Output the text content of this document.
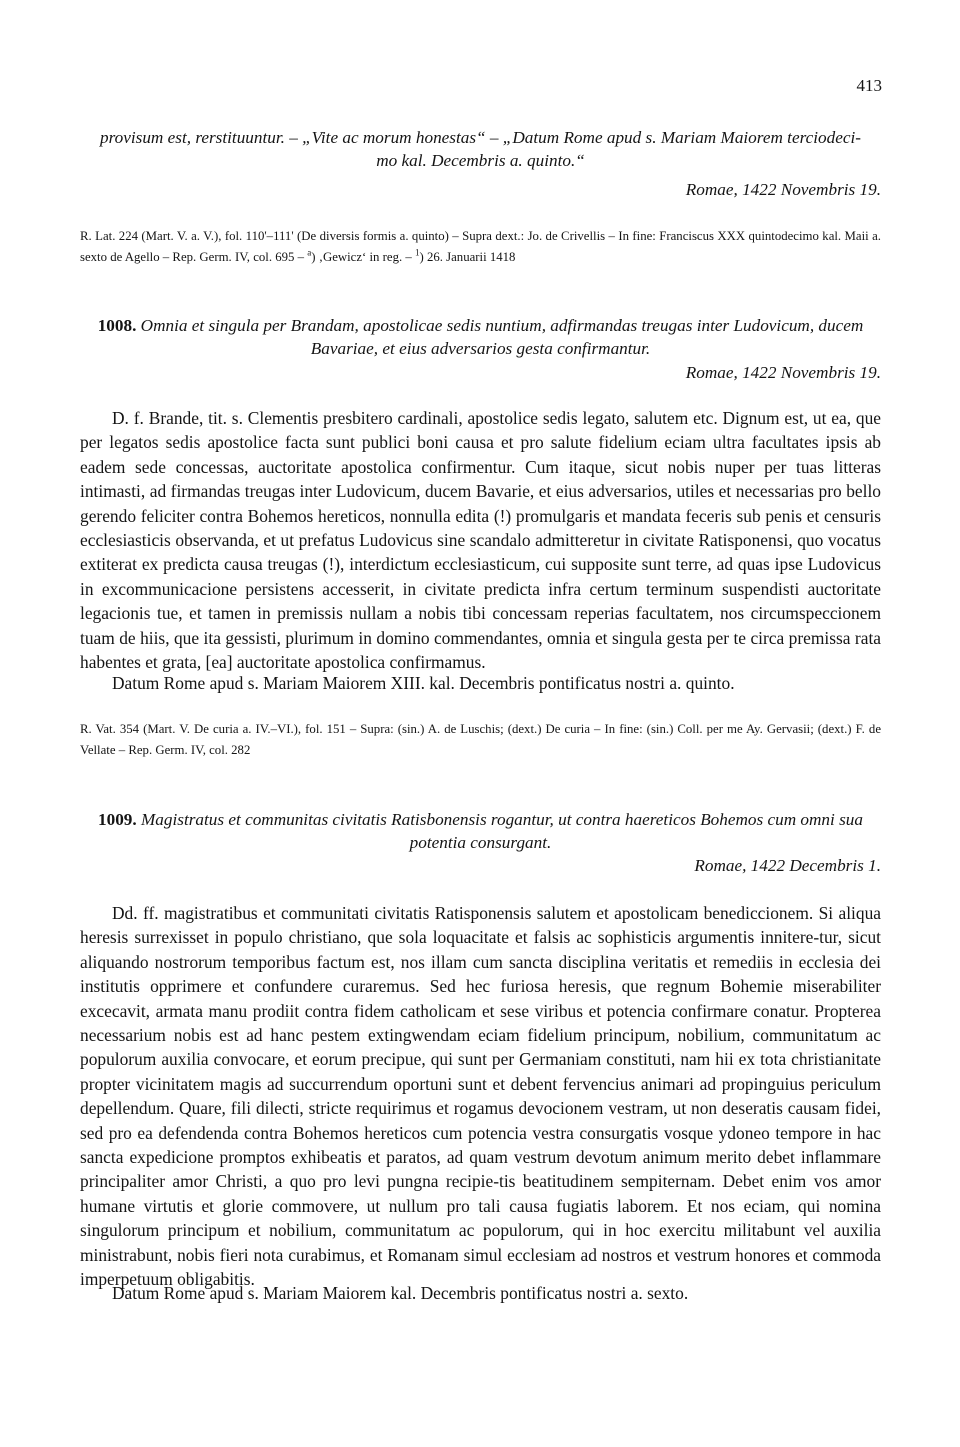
413
provisum est, rerstituuntur. – „Vite ac morum honestas“ – „Datum Rome apud s. Mariam Maiorem terciodeci-
mo kal. Decembris a. quinto.“
Romae, 1422 Novembris 19.
R. Lat. 224 (Mart. V. a. V.), fol. 110'–111' (De diversis formis a. quinto) – Supra dext.: Jo. de Crivellis – In fine: Franciscus XXX quintodecimo kal. Maii a. sexto de Agello – Rep. Germ. IV, col. 695 – $^a$) ‚Gewicz‘ in reg. – $^1$) 26. Januarii 1418
1008. Omnia et singula per Brandam, apostolicae sedis nuntium, adfirmandas treugas inter Ludovicum, ducem Bavariae, et eius adversarios gesta confirmantur.
Romae, 1422 Novembris 19.

D. f. Brande, tit. s. Clementis presbitero cardinali, apostolice sedis legato, salutem etc. Dignum est, ut ea, que per legatos sedis apostolice facta sunt publici boni causa et pro salute fidelium eciam ultra facultates ipsis ab eadem sede concessas, auctoritate apostolica confirmentur. Cum itaque, sicut nobis nuper per tuas litteras intimasti, ad firmandas treugas inter Ludovicum, ducem Bavarie, et eius adversarios, utiles et necessarias pro bello gerendo feliciter contra Bohemos hereticos, nonnulla edita (!) promulgaris et mandata feceris sub penis et censuris ecclesiasticis observanda, et ut prefatus Ludovicus sine scandalo admitteretur in civitate Ratisponensi, quo vocatus extiterat ex predicta causa treugas (!), interdictum ecclesiasticum, cui supposite sunt terre, ad quas ipse Ludovicus in excommunicacione persistens accesserit, in civitate predicta infra certum terminum suspendisti auctoritate legacionis tue, et tamen in premissis nullam a nobis tibi concessam reperias facultatem, nos circumspeccionem tuam de hiis, que ita gessisti, plurimum in domino commendantes, omnia et singula gesta per te circa premissa rata habentes et grata, [ea] auctoritate apostolica confirmamus.

Datum Rome apud s. Mariam Maiorem XIII. kal. Decembris pontificatus nostri a. quinto.

R. Vat. 354 (Mart. V. De curia a. IV.–VI.), fol. 151 – Supra: (sin.) A. de Luschis; (dext.) De curia – In fine: (sin.) Coll. per me Ay. Gervasii; (dext.) F. de Vellate – Rep. Germ. IV, col. 282
1009. Magistratus et communitas civitatis Ratisbonensis rogantur, ut contra haereticos Bohemos cum omni sua potentia consurgant.
Romae, 1422 Decembris 1.

Dd. ff. magistratibus et communitati civitatis Ratisponensis salutem et apostolicam benediccionem. Si aliqua heresis surrexisset in populo christiano, que sola loquacitate et falsis ac sophisticis argumentis innitere-tur, sicut aliquando nostrorum temporibus factum est, nos illam cum sancta disciplina veritatis et remediis in ecclesia dei institutis opprimere et confundere curaremus. Sed hec furiosa heresis, que regnum Bohemie miserabiliter excecavit, armata manu prodiit contra fidem catholicam et sese viribus et potencia confirmare conatur. Propterea necessarium nobis est ad hanc pestem extingwendam eciam fidelium principum, nobilium, communitatum ac populorum auxilia convocare, et eorum precipue, qui sunt per Germaniam constituti, nam hii ex tota christianitate propter vicinitatem magis ad succurrendum oportuni sunt et debent fervencius animari ad propinguius periculum depellendum. Quare, fili dilecti, stricte requirimus et rogamus devocionem vestram, ut non deseratis causam fidei, sed pro ea defendenda contra Bohemos hereticos cum potencia vestra consurgatis vosque ydoneo tempore in hac sancta expedicione promptos exhibeatis et paratos, ad quam vestrum devotum animum merito debet inflammare principaliter amor Christi, a quo pro levi pungna recipie-tis beatitudinem sempiternam. Debet enim vos amor humane virtutis et glorie commovere, ut nullum pro tali causa fugiatis laborem. Et nos eciam, qui nomina singulorum principum et nobilium, communitatum ac populorum, qui in hoc exercitu militabunt vel auxilia ministrabunt, nobis fieri nota curabimus, et Romanam simul ecclesiam ad nostros et vestrum honores et commoda imperpetuum obligabitis.

Datum Rome apud s. Mariam Maiorem kal. Decembris pontificatus nostri a. sexto.
